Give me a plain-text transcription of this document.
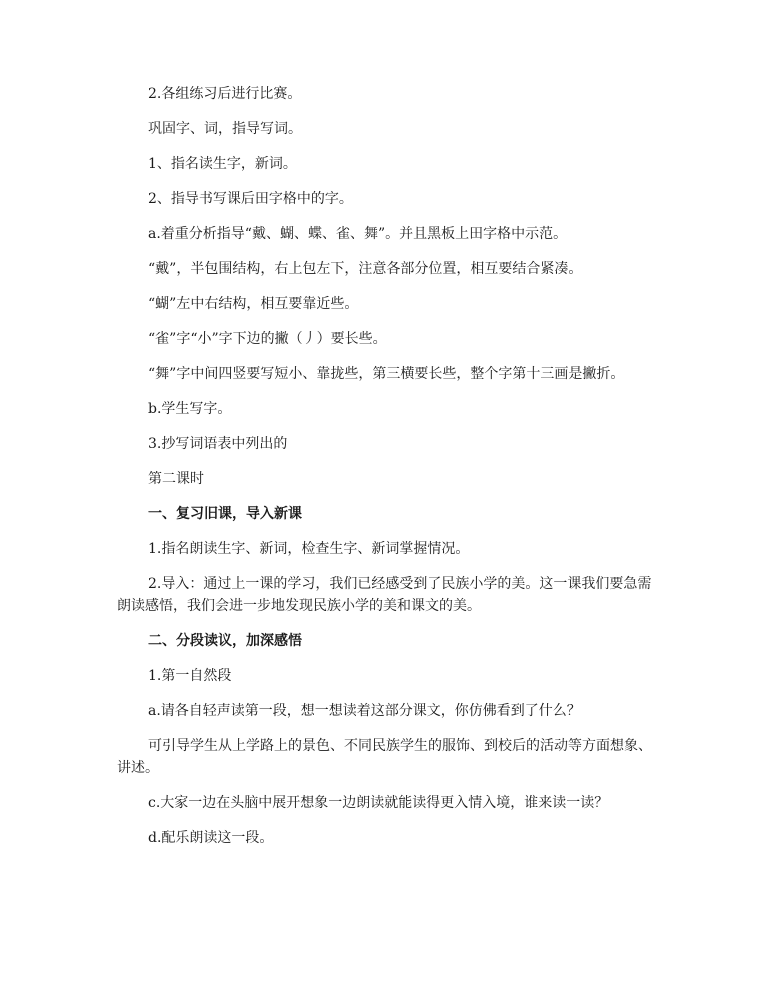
2.各组练习后进行比赛。

巩固字、词，指导写词。

1、指名读生字，新词。

2、指导书写课后田字格中的字。

a.着重分析指导“戴、蝴、蝶、雀、舞”。并且黑板上田字格中示范。

“戴”，半包围结构，右上包左下，注意各部分位置，相互要结合紧凑。

“蝴”左中右结构，相互要靠近些。

“雀”字“小”字下边的撇（丿）要长些。

“舞”字中间四竖要写短小、靠拢些，第三横要长些，整个字第十三画是撇折。

b.学生写字。

3.抄写词语表中列出的

第二课时

一、复习旧课，导入新课

1.指名朗读生字、新词，检查生字、新词掌握情况。

2.导入：通过上一课的学习，我们已经感受到了民族小学的美。这一课我们要急需朗读感悟，我们会进一步地发现民族小学的美和课文的美。

二、分段读议，加深感悟

1.第一自然段

a.请各自轻声读第一段，想一想读着这部分课文，你仿佛看到了什么？

可引导学生从上学路上的景色、不同民族学生的服饰、到校后的活动等方面想象、讲述。

c.大家一边在头脑中展开想象一边朗读就能读得更入情入境，谁来读一读？

d.配乐朗读这一段。
